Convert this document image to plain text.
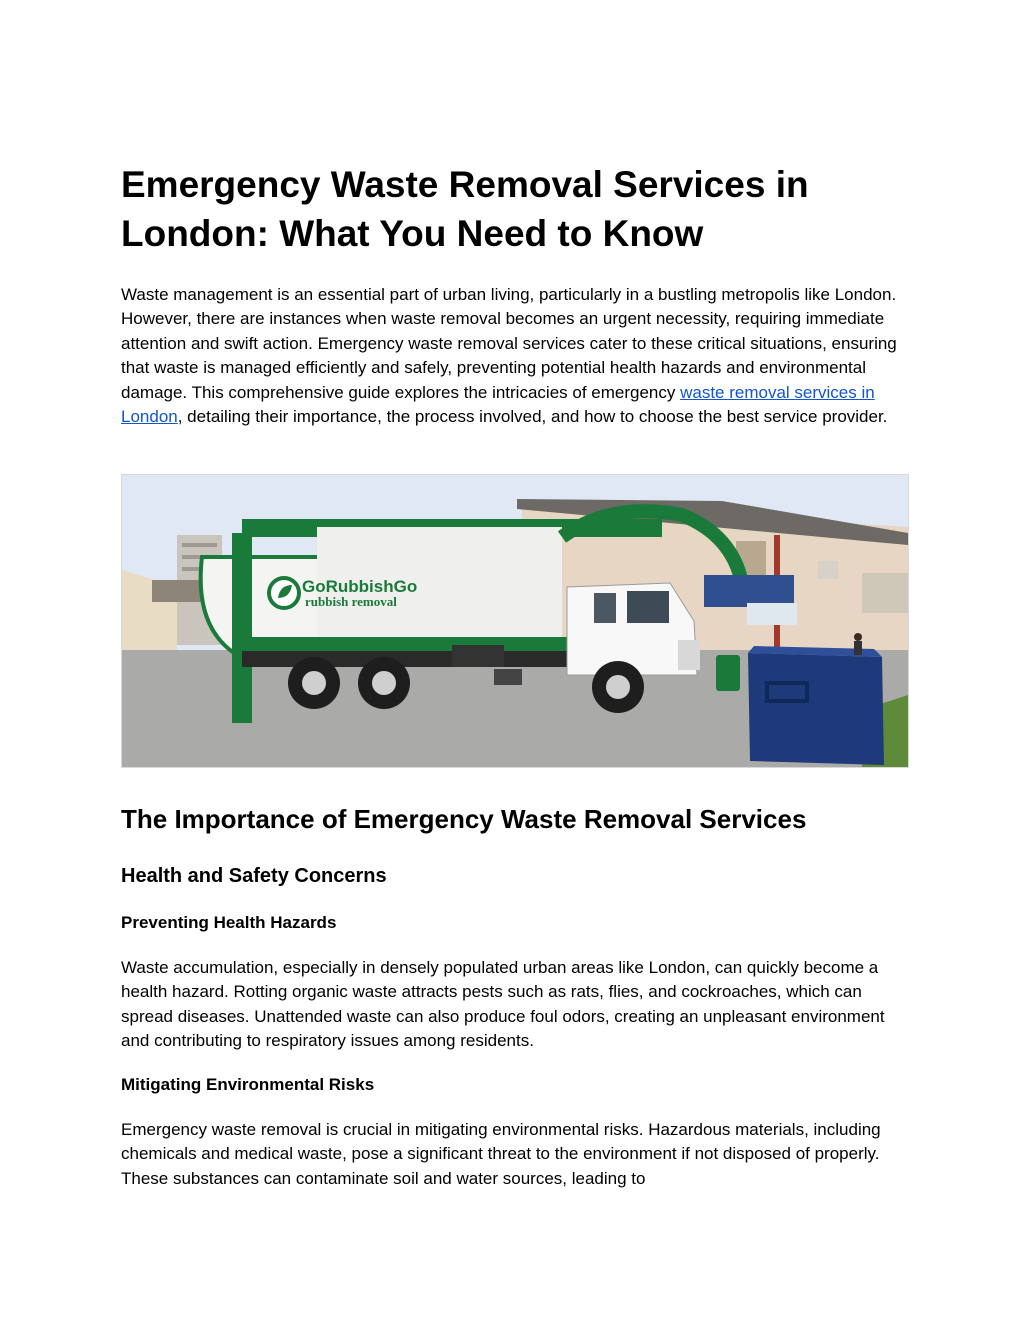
Emergency Waste Removal Services in
London: What You Need to Know

Waste management is an essential part of urban living, particularly in a bustling metropolis like London. However, there are instances when waste removal becomes an urgent necessity, requiring immediate attention and swift action. Emergency waste removal services cater to these critical situations, ensuring that waste is managed efficiently and safely, preventing potential health hazards and environmental damage. This comprehensive guide explores the intricacies of emergency waste removal services in London, detailing their importance, the process involved, and how to choose the best service provider.

GoRubbishGo
rubbish removal
The Importance of Emergency Waste Removal Services
Health and Safety Concerns
Preventing Health Hazards

Waste accumulation, especially in densely populated urban areas like London, can quickly become a health hazard. Rotting organic waste attracts pests such as rats, flies, and cockroaches, which can spread diseases. Unattended waste can also produce foul odors, creating an unpleasant environment and contributing to respiratory issues among residents.

Mitigating Environmental Risks

Emergency waste removal is crucial in mitigating environmental risks. Hazardous materials, including chemicals and medical waste, pose a significant threat to the environment if not disposed of properly. These substances can contaminate soil and water sources, leading to
